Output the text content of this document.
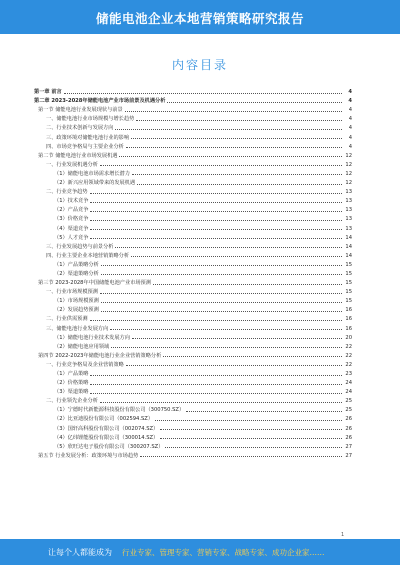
储能电池企业本地营销策略研究报告
内容目录
第一章 前言	4
第二章 2023-2028年储能电池产业市场前景及机遇分析	4
第一节 储能电池行业发展现状与前景	4
一、储能电池行业市场规模与增长趋势	4
二、行业技术创新与发展方向	4
三、政策环境对储能电池行业的影响	4
四、市场竞争格局与主要企业分析	4
第二节 储能电池行业市场发展机遇	12
一、行业发展机遇分析	12
（1）储能电池市场需求增长潜力	12
（2）新兴应用领域带来的发展机遇	12
二、行业竞争趋势	13
（1）技术竞争	13
（2）产品竞争	13
（3）价格竞争	13
（4）渠道竞争	13
（5）人才竞争	14
三、行业发展趋势与前景分析	14
四、行业主要企业本地营销策略分析	14
（1）产品策略分析	15
（2）渠道策略分析	15
第三节 2023-2028年中国储能电池产业市场预测	15
一、行业市场规模预测	15
（1）市场规模预测	15
（2）发展趋势预测	16
二、行业供需预测	16
三、储能电池行业发展方向	16
（1）储能电池行业技术发展方向	20
（2）储能电池应用领域	22
第四节 2022-2023年储能电池行业企业营销策略分析	22
一、行业竞争格局及企业营销策略	22
（1）产品策略	23
（2）价格策略	24
（3）渠道策略	24
二、行业领先企业分析	25
（1）宁德时代新能源科技股份有限公司（300750.SZ）	25
（2）比亚迪股份有限公司（002594.SZ）	26
（3）国轩高科股份有限公司（002074.SZ）	26
（4）亿纬锂能股份有限公司（300014.SZ）	26
（5）欣旺达电子股份有限公司（300207.SZ）	27
第五节 行业发展分析：政策环境与市场趋势	27
1
让每个人都能成为 行业专家、管理专家、营销专家、战略专家、成功企业家……
